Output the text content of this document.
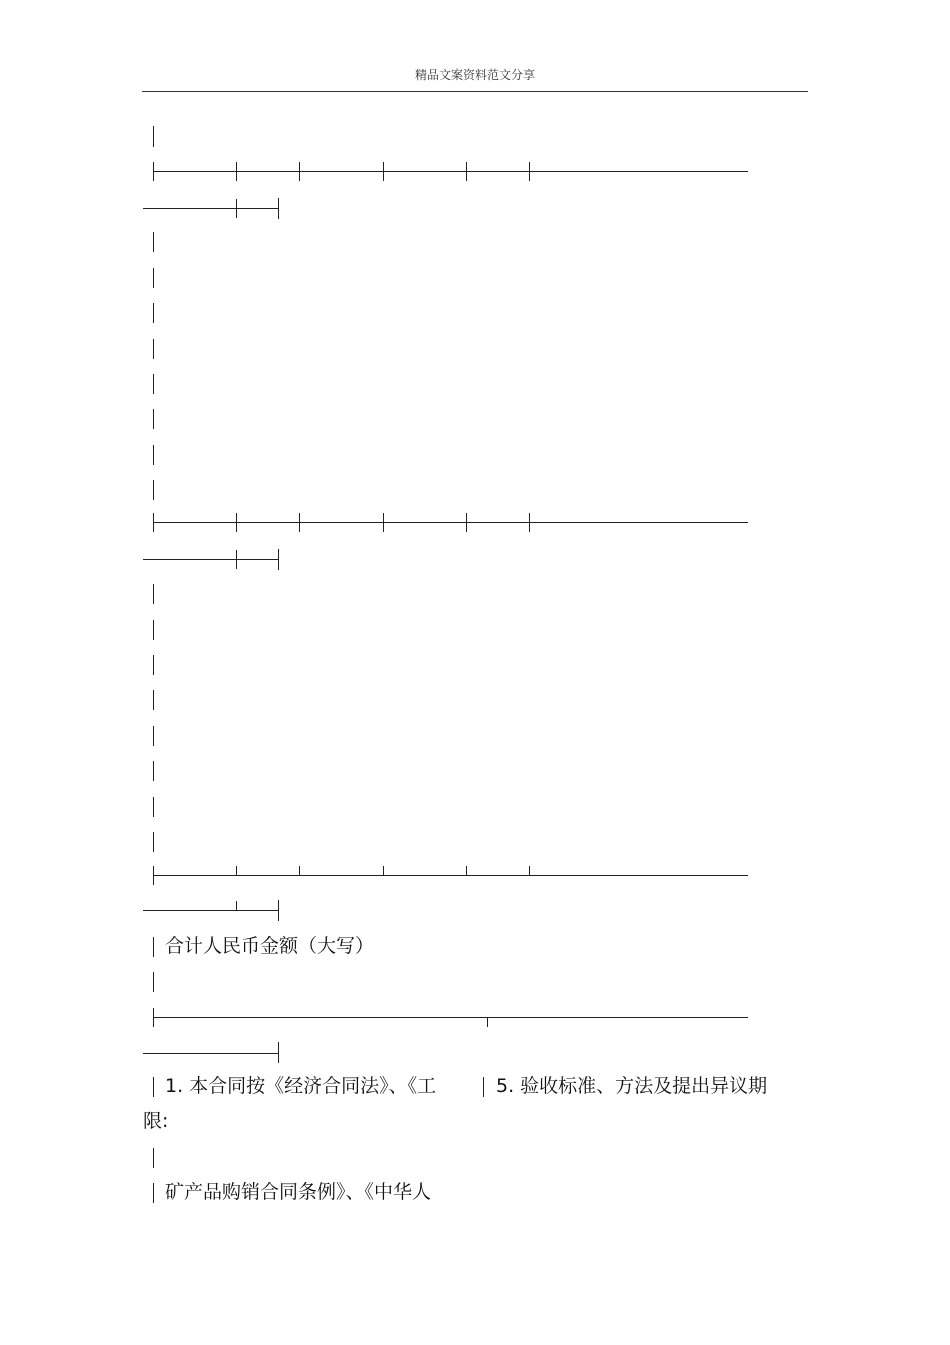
精品文案资料范文分享
合计人民币金额（大写）
1. 本合同按《经济合同法》、《工	5. 验收标准、方法及提出异议期
限:
矿产品购销合同条例》、《中华人
